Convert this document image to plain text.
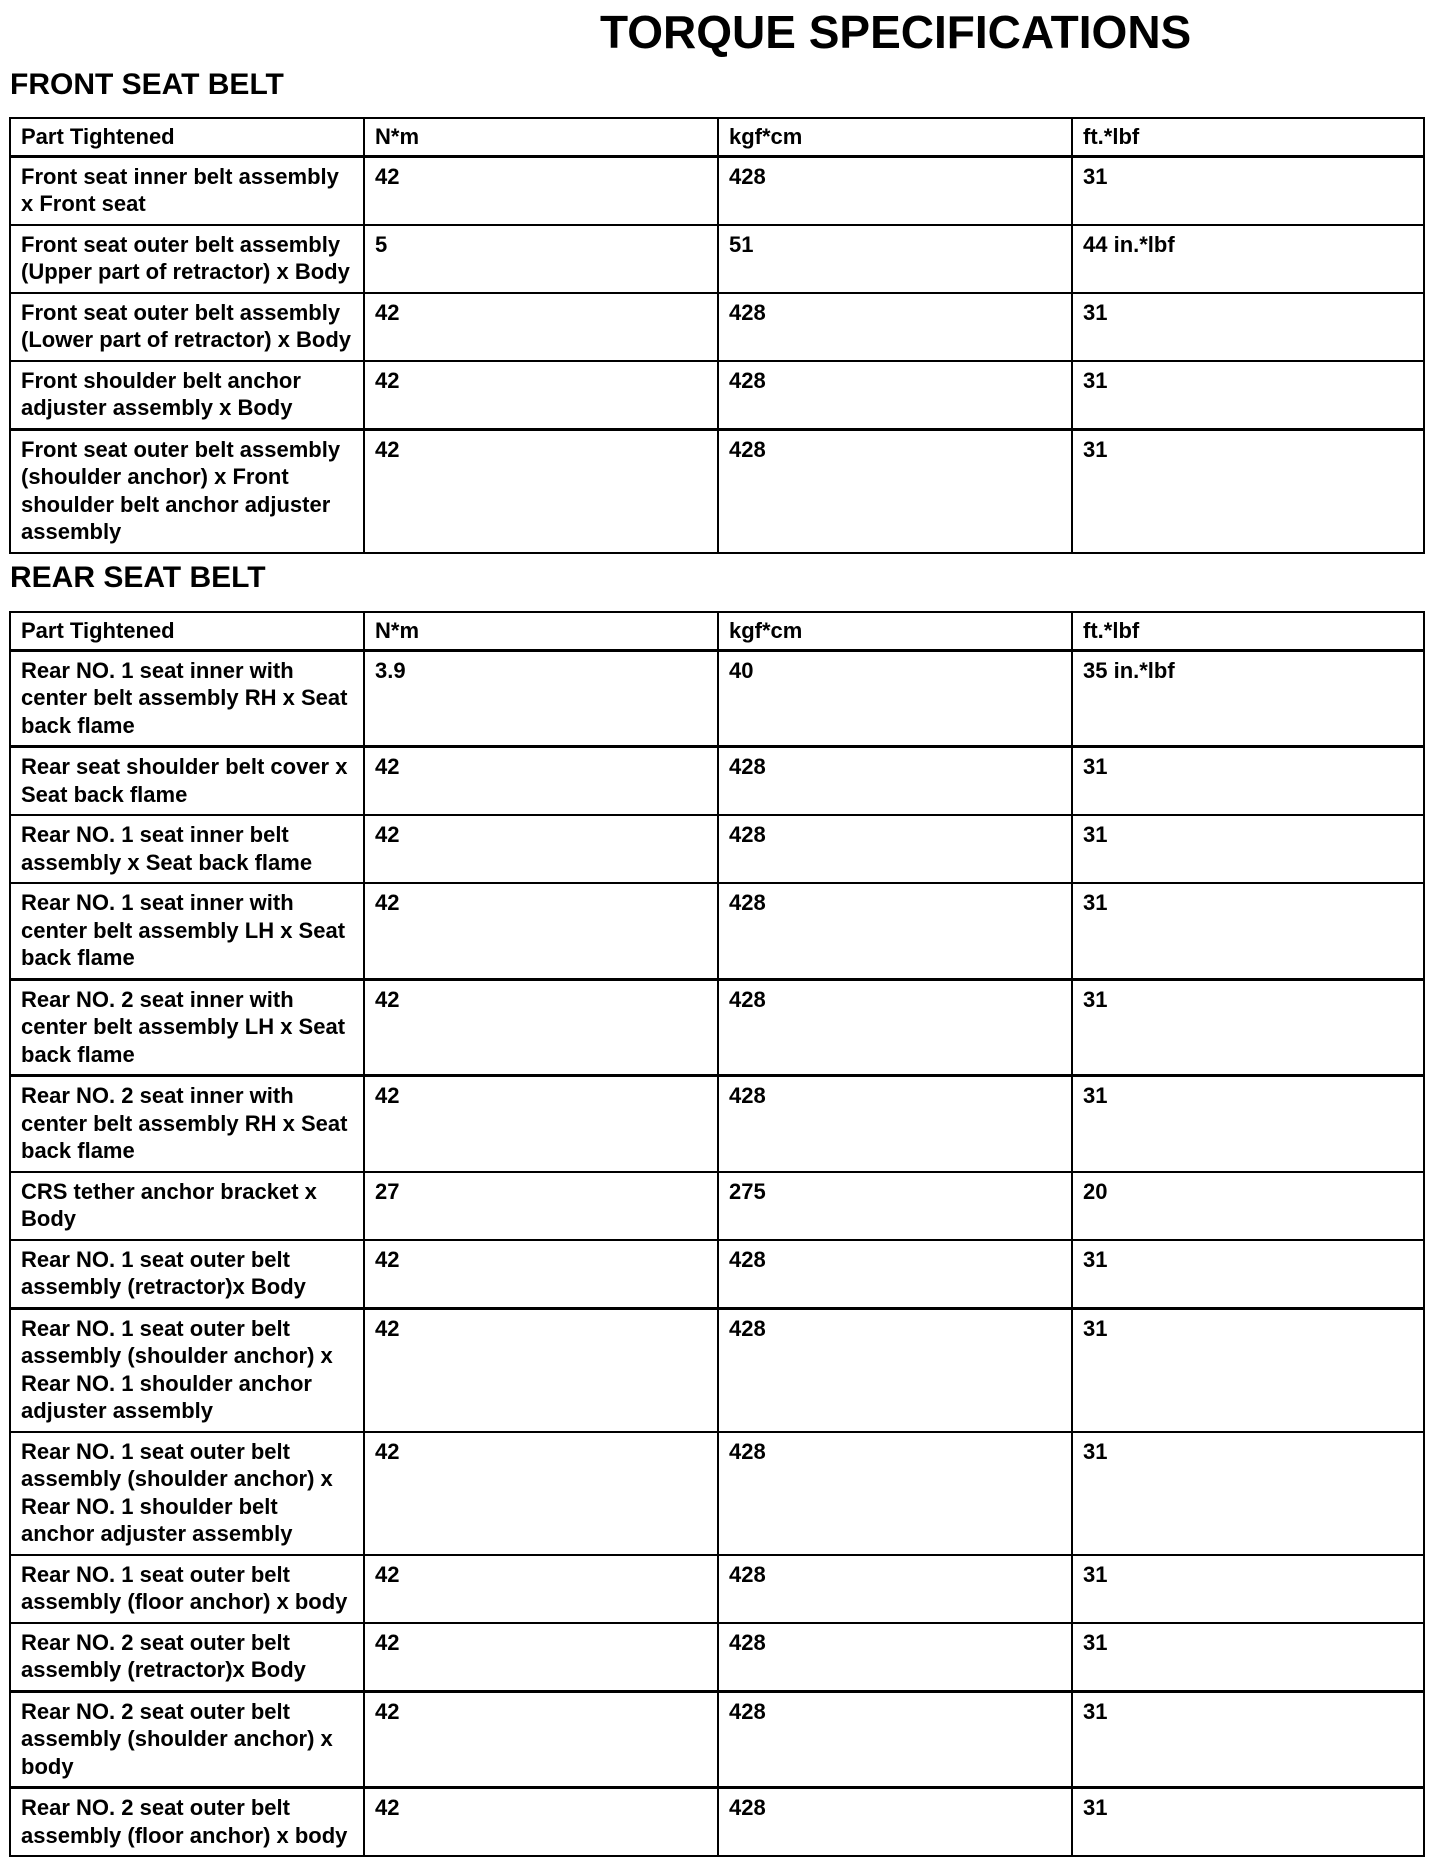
TORQUE SPECIFICATIONS
FRONT SEAT BELT
Part Tightened	N*m	kgf*cm	ft.*lbf
Front seat inner belt assembly x Front seat	42	428	31
Front seat outer belt assembly (Upper part of retractor) x Body	5	51	44 in.*lbf
Front seat outer belt assembly (Lower part of retractor) x Body	42	428	31
Front shoulder belt anchor adjuster assembly x Body	42	428	31
Front seat outer belt assembly (shoulder anchor) x Front shoulder belt anchor adjuster assembly	42	428	31
REAR SEAT BELT
Part Tightened	N*m	kgf*cm	ft.*lbf
Rear NO. 1 seat inner with center belt assembly RH x Seat back flame	3.9	40	35 in.*lbf
Rear seat shoulder belt cover x Seat back flame	42	428	31
Rear NO. 1 seat inner belt assembly x Seat back flame	42	428	31
Rear NO. 1 seat inner with center belt assembly LH x Seat back flame	42	428	31
Rear NO. 2 seat inner with center belt assembly LH x Seat back flame	42	428	31
Rear NO. 2 seat inner with center belt assembly RH x Seat back flame	42	428	31
CRS tether anchor bracket x Body	27	275	20
Rear NO. 1 seat outer belt assembly (retractor)x Body	42	428	31
Rear NO. 1 seat outer belt assembly (shoulder anchor) x Rear NO. 1 shoulder anchor adjuster assembly	42	428	31
Rear NO. 1 seat outer belt assembly (shoulder anchor) x Rear NO. 1 shoulder belt anchor adjuster assembly	42	428	31
Rear NO. 1 seat outer belt assembly (floor anchor) x body	42	428	31
Rear NO. 2 seat outer belt assembly (retractor)x Body	42	428	31
Rear NO. 2 seat outer belt assembly (shoulder anchor) x body	42	428	31
Rear NO. 2 seat outer belt assembly (floor anchor) x body	42	428	31
